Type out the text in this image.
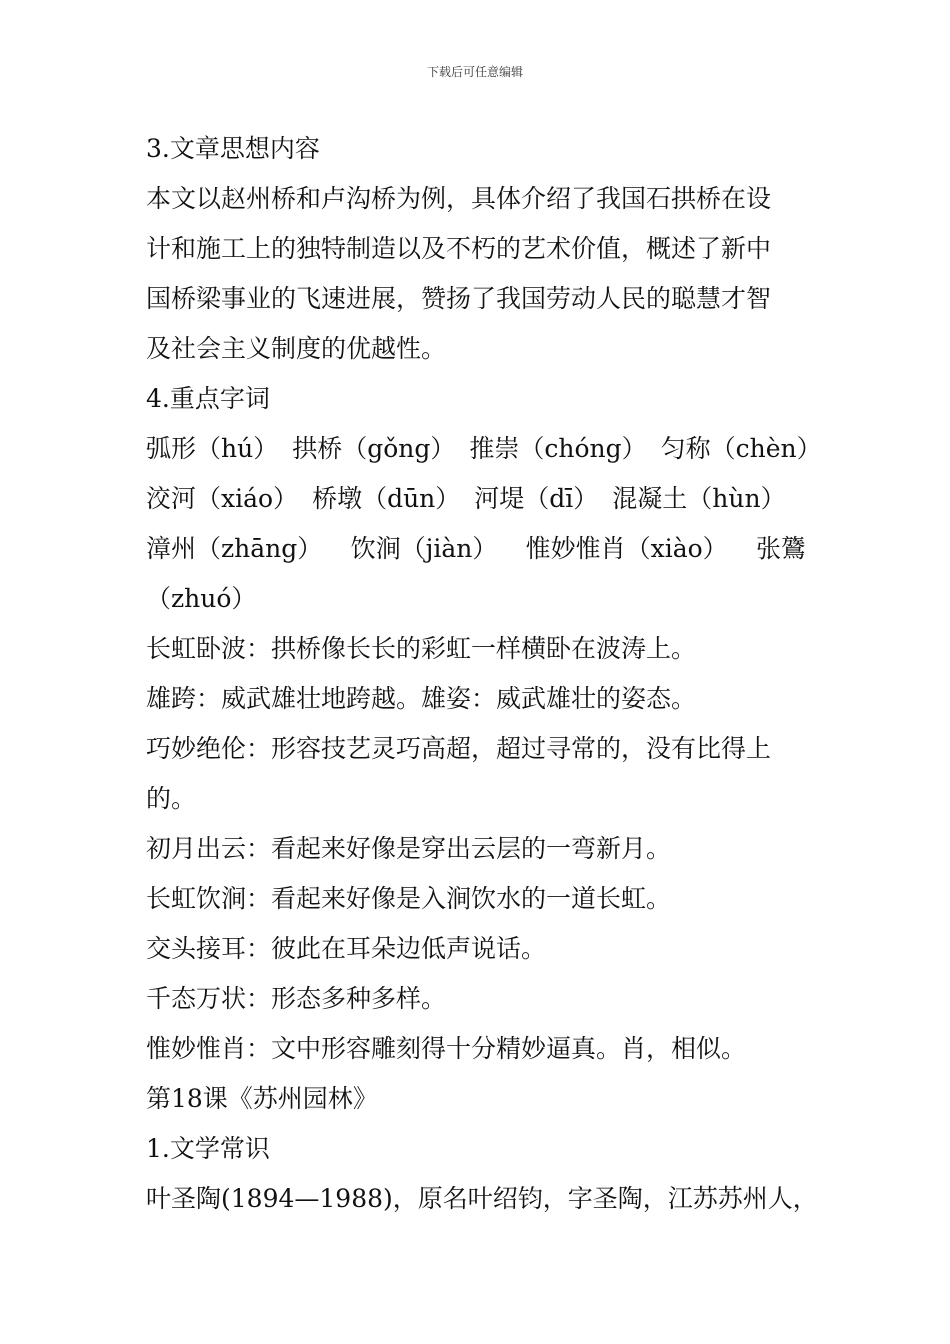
下载后可任意编辑
3.文章思想内容
本文以赵州桥和卢沟桥为例，具体介绍了我国石拱桥在设
计和施工上的独特制造以及不朽的艺术价值，概述了新中
国桥梁事业的飞速进展，赞扬了我国劳动人民的聪慧才智
及社会主义制度的优越性。
4.重点字词
弧形（hú） 拱桥（gǒng） 推崇（chóng） 匀称（chèn）
洨河（xiáo） 桥墩（dūn） 河堤（dī） 混凝土（hùn）
漳州（zhāng） 饮涧（jiàn） 惟妙惟肖（xiào） 张鷟
（zhuó）
长虹卧波：拱桥像长长的彩虹一样横卧在波涛上。
雄跨：威武雄壮地跨越。雄姿：威武雄壮的姿态。
巧妙绝伦：形容技艺灵巧高超，超过寻常的，没有比得上
的。
初月出云：看起来好像是穿出云层的一弯新月。
长虹饮涧：看起来好像是入涧饮水的一道长虹。
交头接耳：彼此在耳朵边低声说话。
千态万状：形态多种多样。
惟妙惟肖：文中形容雕刻得十分精妙逼真。肖，相似。
第18课《苏州园林》
1.文学常识
叶圣陶(1894—1988)，原名叶绍钧，字圣陶，江苏苏州人，
